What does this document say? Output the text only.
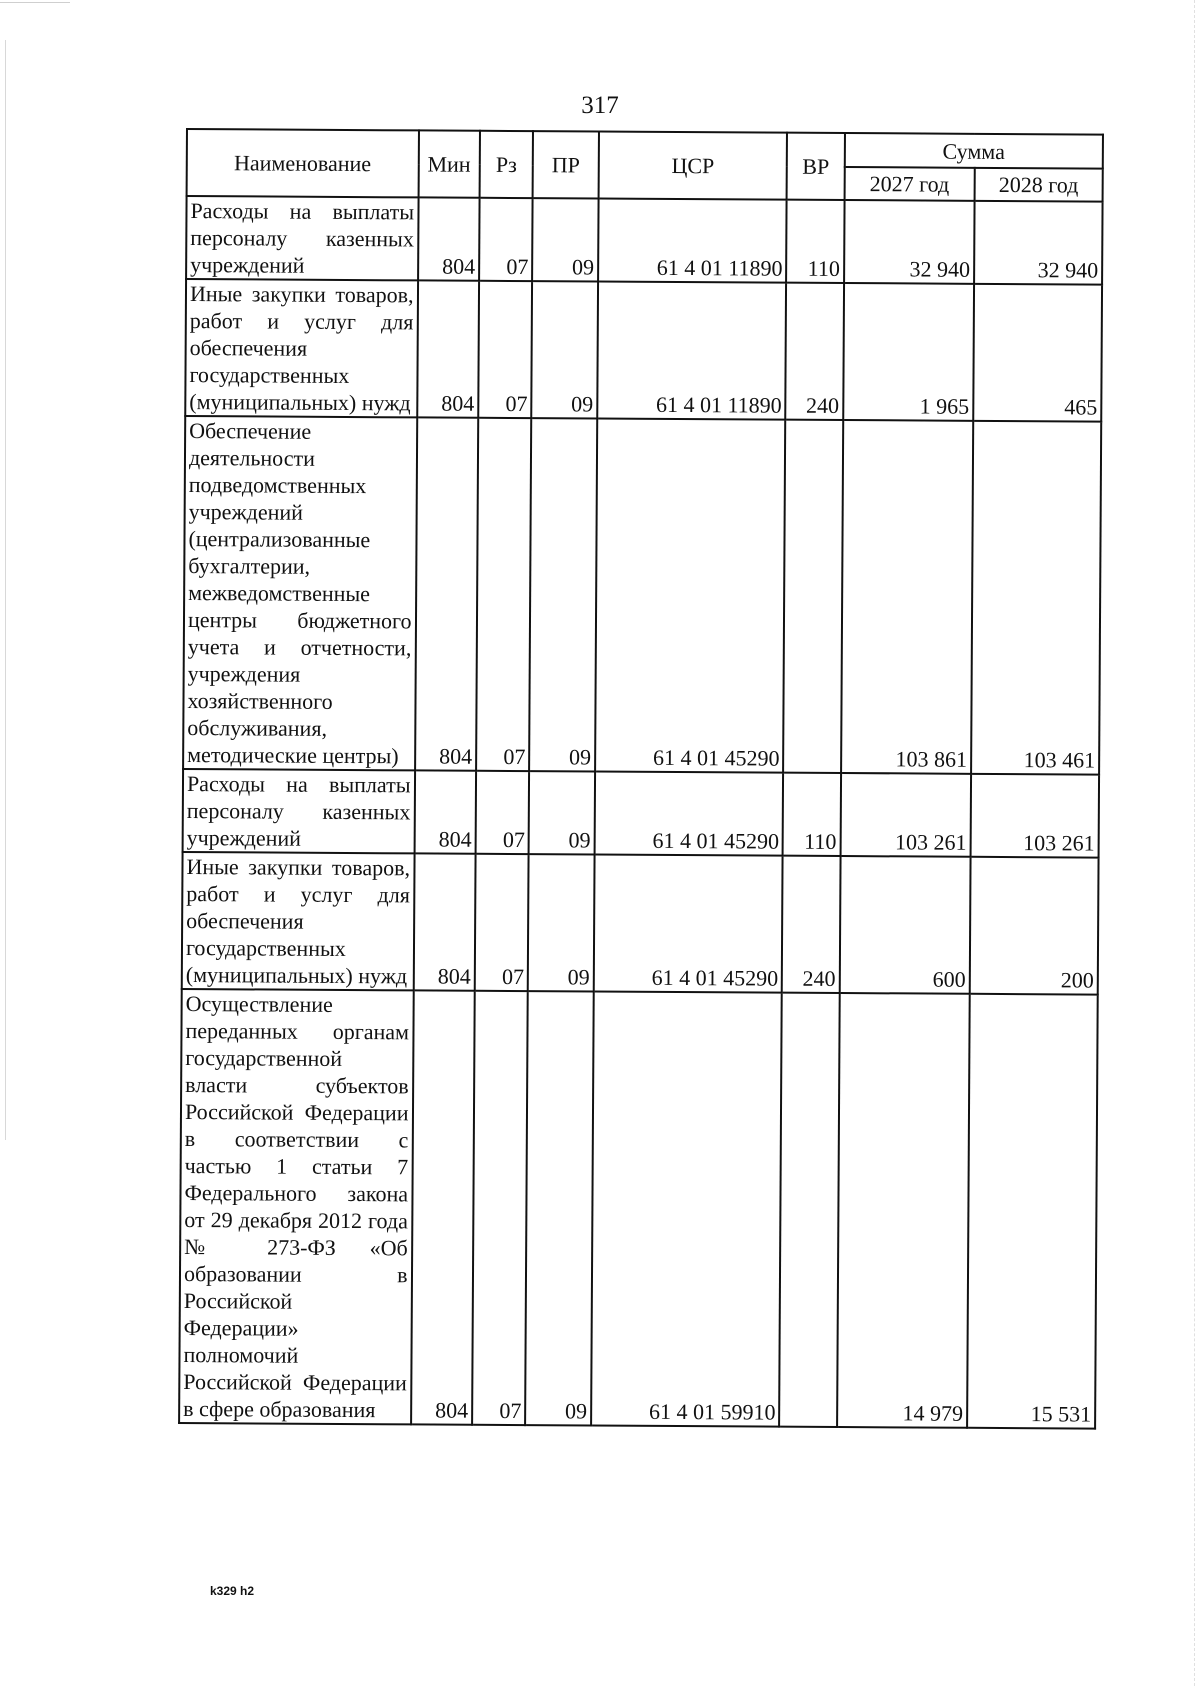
317
Наименование	Мин	Рз	ПР	ЦСР	ВР	Сумма	
						2027 год	2028 год
Расходы на выплаты персоналу казенных учреждений	804	07	09	61 4 01 11890	110	32 940	32 940
Иные закупки товаров, работ и услуг для обеспечения государственных (муниципальных) нужд	804	07	09	61 4 01 11890	240	1 965	465
Обеспечение деятельности подведомственных учреждений (централизованные бухгалтерии, межведомственные центры бюджетного учета и отчетности, учреждения хозяйственного обслуживания, методические центры)	804	07	09	61 4 01 45290		103 861	103 461
Расходы на выплаты персоналу казенных учреждений	804	07	09	61 4 01 45290	110	103 261	103 261
Иные закупки товаров, работ и услуг для обеспечения государственных (муниципальных) нужд	804	07	09	61 4 01 45290	240	600	200
Осуществление переданных органам государственной власти субъектов Российской Федерации в соответствии с частью 1 статьи 7 Федерального закона от 29 декабря 2012 года № 273-ФЗ «Об образовании в Российской Федерации» полномочий Российской Федерации в сфере образования	804	07	09	61 4 01 59910		14 979	15 531
k329 h2
